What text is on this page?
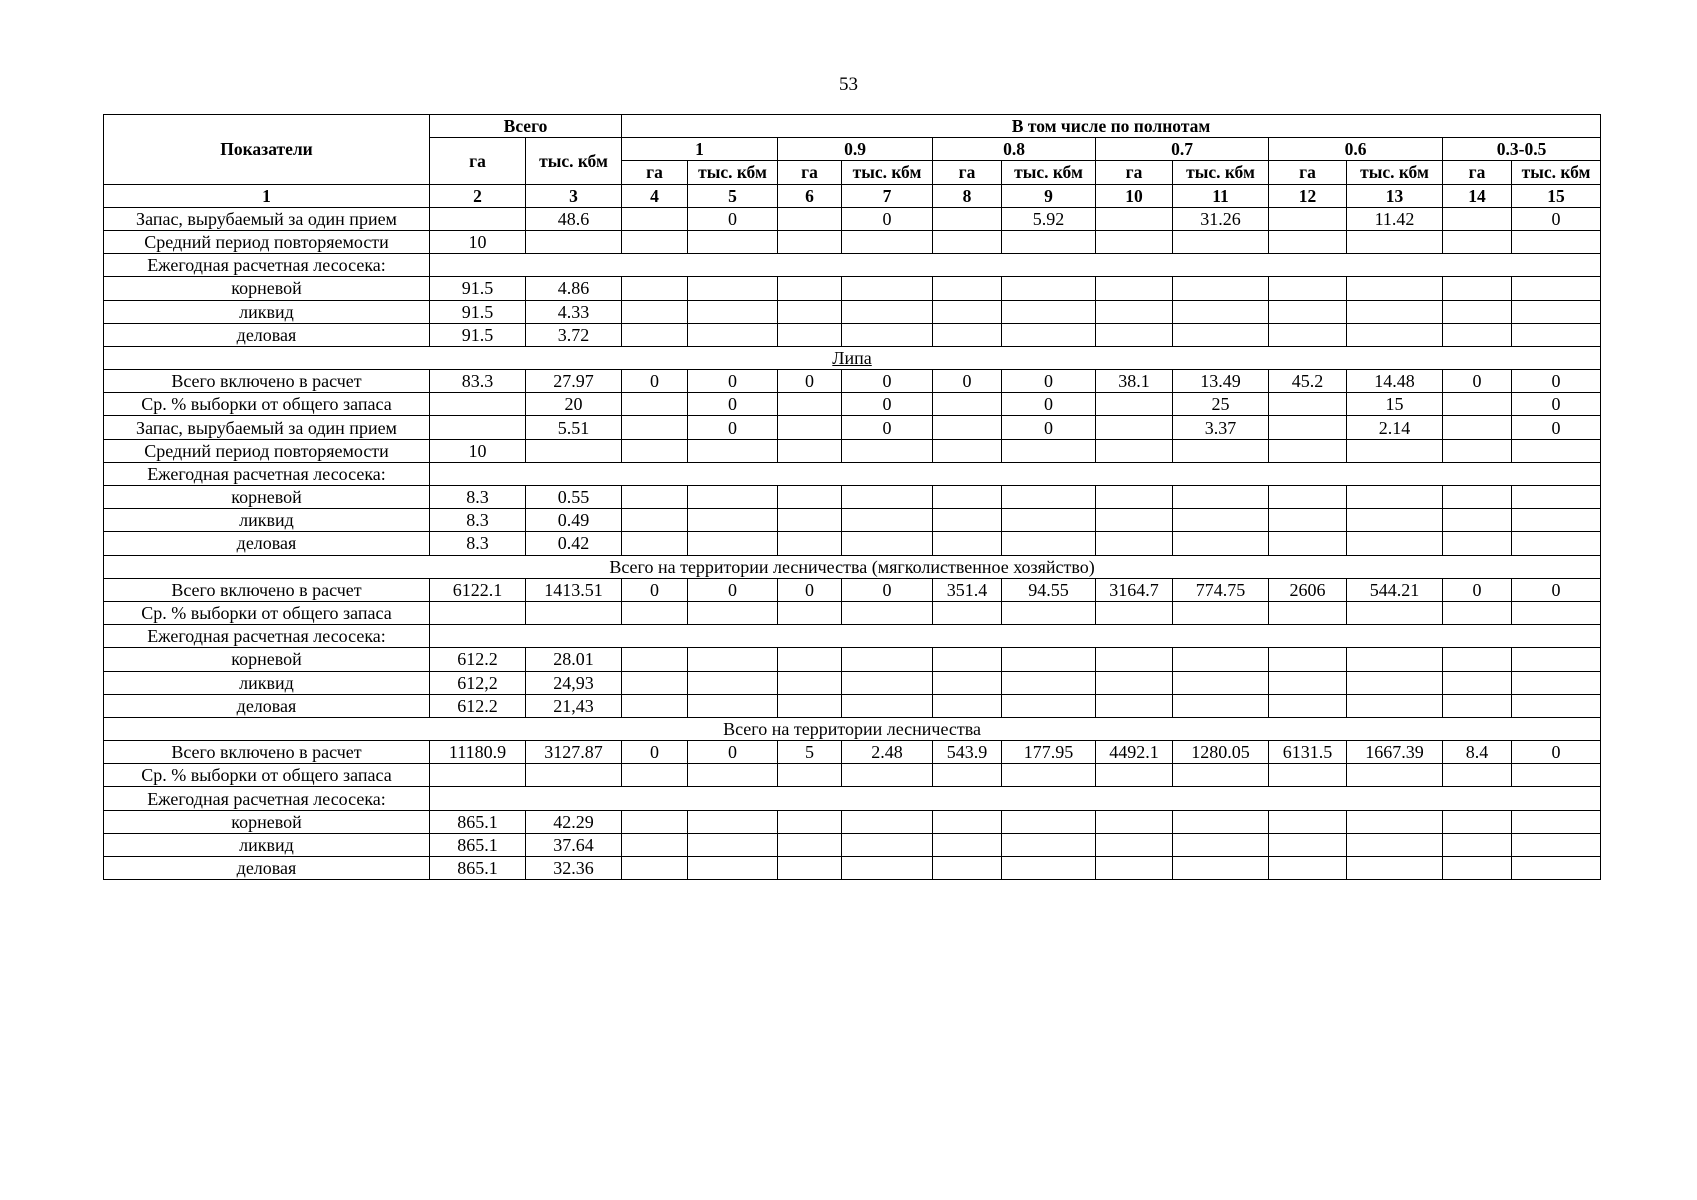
53
Показатели	Всего		В том числе по полнотам											
	га	тыс. кбм	1		0.9		0.8		0.7		0.6		0.3-0.5	
			га	тыс. кбм	га	тыс. кбм	га	тыс. кбм	га	тыс. кбм	га	тыс. кбм	га	тыс. кбм
1	2	3	4	5	6	7	8	9	10	11	12	13	14	15
Запас, вырубаемый за один прием		48.6		0		0		5.92		31.26		11.42		0
Средний период повторяемости	10													
Ежегодная расчетная лесосека:														
корневой	91.5	4.86												
ликвид	91.5	4.33												
деловая	91.5	3.72												
Липа														
Всего включено в расчет	83.3	27.97	0	0	0	0	0	0	38.1	13.49	45.2	14.48	0	0
Ср. % выборки от общего запаса		20		0		0		0		25		15		0
Запас, вырубаемый за один прием		5.51		0		0		0		3.37		2.14		0
Средний период повторяемости	10													
Ежегодная расчетная лесосека:														
корневой	8.3	0.55												
ликвид	8.3	0.49												
деловая	8.3	0.42												
Всего на территории лесничества (мягколиственное хозяйство)														
Всего включено в расчет	6122.1	1413.51	0	0	0	0	351.4	94.55	3164.7	774.75	2606	544.21	0	0
Ср. % выборки от общего запаса														
Ежегодная расчетная лесосека:														
корневой	612.2	28.01												
ликвид	612,2	24,93												
деловая	612.2	21,43												
Всего на территории лесничества														
Всего включено в расчет	11180.9	3127.87	0	0	5	2.48	543.9	177.95	4492.1	1280.05	6131.5	1667.39	8.4	0
Ср. % выборки от общего запаса														
Ежегодная расчетная лесосека:														
корневой	865.1	42.29												
ликвид	865.1	37.64												
деловая	865.1	32.36												
